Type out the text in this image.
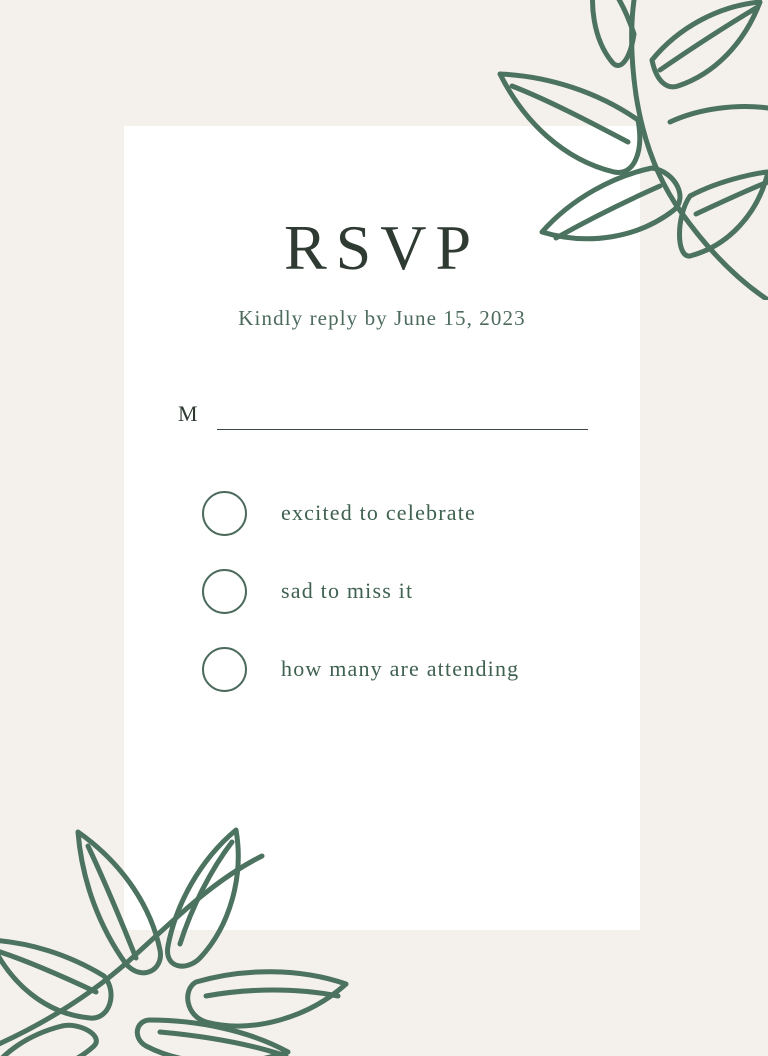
RSVP
Kindly reply by June 15, 2023
M
excited to celebrate
sad to miss it
how many are attending
